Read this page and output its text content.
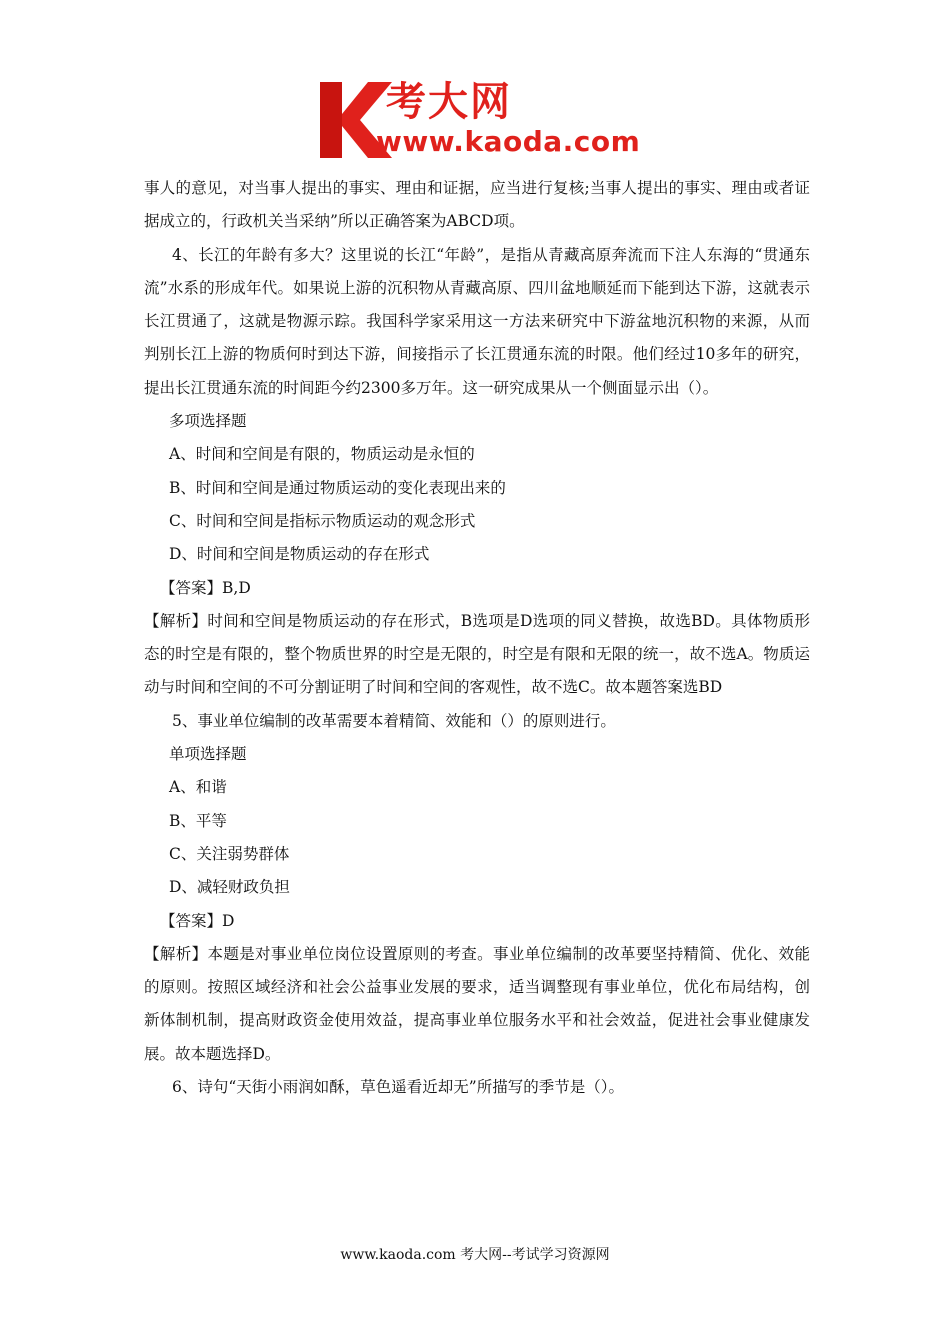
考大网
www.kaoda.com

事人的意见，对当事人提出的事实、理由和证据，应当进行复核;当事人提出的事实、理由或者证据成立的，行政机关当采纳”所以正确答案为ABCD项。

4、长江的年龄有多大？这里说的长江“年龄”，是指从青藏高原奔流而下注人东海的“贯通东流”水系的形成年代。如果说上游的沉积物从青藏高原、四川盆地顺延而下能到达下游，这就表示长江贯通了，这就是物源示踪。我国科学家采用这一方法来研究中下游盆地沉积物的来源，从而判别长江上游的物质何时到达下游，间接指示了长江贯通东流的时限。他们经过10多年的研究，提出长江贯通东流的时间距今约2300多万年。这一研究成果从一个侧面显示出（）。

多项选择题

A、时间和空间是有限的，物质运动是永恒的

B、时间和空间是通过物质运动的变化表现出来的

C、时间和空间是指标示物质运动的观念形式

D、时间和空间是物质运动的存在形式

【答案】B,D

【解析】时间和空间是物质运动的存在形式，B选项是D选项的同义替换，故选BD。具体物质形态的时空是有限的，整个物质世界的时空是无限的，时空是有限和无限的统一，故不选A。物质运动与时间和空间的不可分割证明了时间和空间的客观性，故不选C。故本题答案选BD

5、事业单位编制的改革需要本着精简、效能和（）的原则进行。

单项选择题

A、和谐

B、平等

C、关注弱势群体

D、减轻财政负担

【答案】D

【解析】本题是对事业单位岗位设置原则的考查。事业单位编制的改革要坚持精简、优化、效能的原则。按照区域经济和社会公益事业发展的要求，适当调整现有事业单位，优化布局结构，创新体制机制，提高财政资金使用效益，提高事业单位服务水平和社会效益，促进社会事业健康发展。故本题选择D。

6、诗句“天街小雨润如酥，草色遥看近却无”所描写的季节是（）。

www.kaoda.com 考大网--考试学习资源网
